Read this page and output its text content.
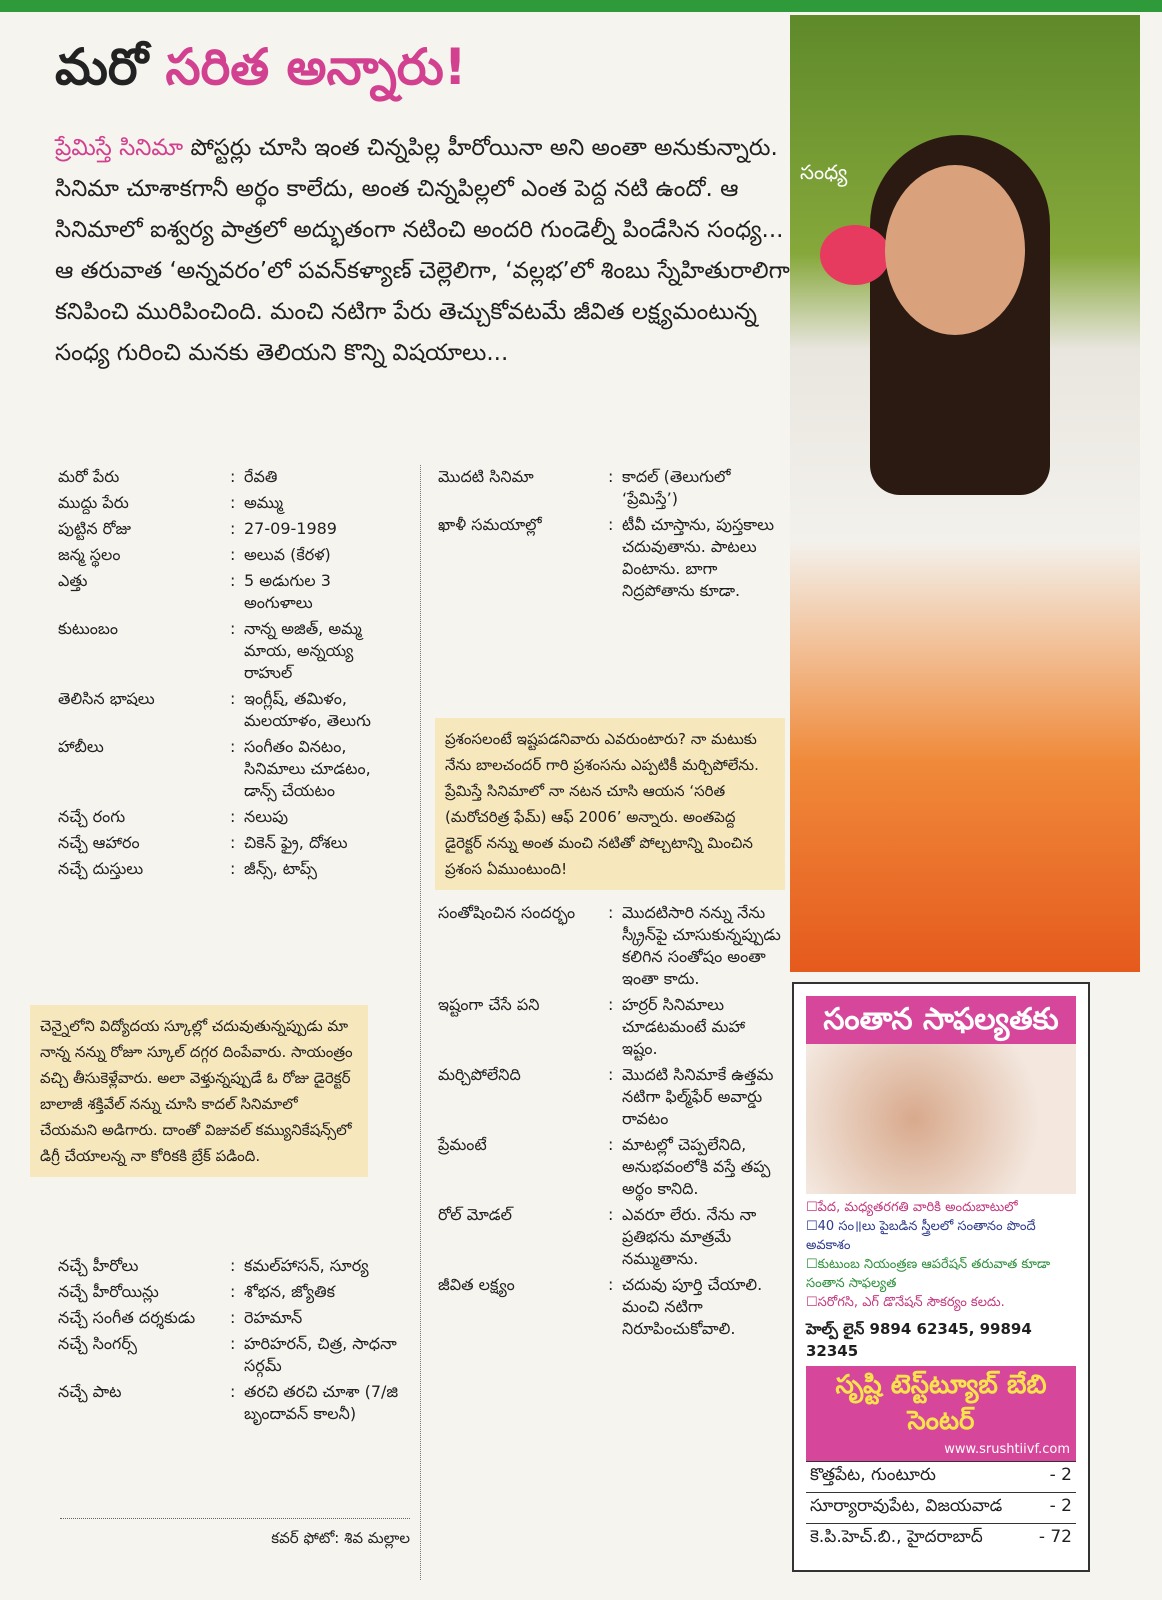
మరో సరిత అన్నారు!

ప్రేమిస్తే సినిమా పోస్టర్లు చూసి ఇంత చిన్నపిల్ల హీరోయినా అని అంతా అనుకున్నారు. సినిమా చూశాకగానీ అర్థం కాలేదు, అంత చిన్నపిల్లలో ఎంత పెద్ద నటి ఉందో. ఆ సినిమాలో ఐశ్వర్య పాత్రలో అద్భుతంగా నటించి అందరి గుండెల్నీ పిండేసిన సంధ్య... ఆ తరువాత ‘అన్నవరం’లో పవన్‌కళ్యాణ్ చెల్లెలిగా, ‘వల్లభ’లో శింబు స్నేహితురాలిగా కనిపించి మురిపించింది. మంచి నటిగా పేరు తెచ్చుకోవటమే జీవిత లక్ష్యమంటున్న సంధ్య గురించి మనకు తెలియని కొన్ని విషయాలు...

సంధ్య
మరో పేరు	: రేవతి
ముద్దు పేరు	: అమ్ము
పుట్టిన రోజు	: 27-09-1989
జన్మ స్థలం	: అలువ (కేరళ)
ఎత్తు	: 5 అడుగుల 3 అంగుళాలు
కుటుంబం	: నాన్న అజిత్, అమ్మ మాయ, అన్నయ్య రాహుల్
తెలిసిన భాషలు	: ఇంగ్లీష్, తమిళం, మలయాళం, తెలుగు
హాబీలు	: సంగీతం వినటం, సినిమాలు చూడటం, డాన్స్ చేయటం
నచ్చే రంగు	: నలుపు
నచ్చే ఆహారం	: చికెన్ ఫ్రై, దోశలు
నచ్చే దుస్తులు	: జీన్స్, టాప్స్
చెన్నైలోని విద్యోదయ స్కూల్లో చదువుతున్నప్పుడు మా నాన్న నన్ను రోజూ స్కూల్ దగ్గర దింపేవారు. సాయంత్రం వచ్చి తీసుకెళ్లేవారు. అలా వెళ్తున్నప్పుడే ఓ రోజు డైరెక్టర్ బాలాజీ శక్తివేల్ నన్ను చూసి కాదల్ సినిమాలో చేయమని అడిగారు. దాంతో విజువల్ కమ్యునికేషన్స్‌లో డిగ్రీ చేయాలన్న నా కోరికకి బ్రేక్ పడింది.
నచ్చే హీరోలు	: కమల్‌హాసన్, సూర్య
నచ్చే హీరోయిన్లు	: శోభన, జ్యోతిక
నచ్చే సంగీత దర్శకుడు	: రెహమాన్
నచ్చే సింగర్స్	: హరిహరన్, చిత్ర, సాధనా సర్గమ్
నచ్చే పాట	: తరచి తరచి చూశా (7/జి బృందావన్ కాలనీ)
కవర్ ఫోటో: శివ మల్లాల
మొదటి సినిమా	: కాదల్ (తెలుగులో ‘ప్రేమిస్తే’)
ఖాళీ సమయాల్లో	: టీవీ చూస్తాను, పుస్తకాలు చదువుతాను. పాటలు వింటాను. బాగా నిద్రపోతాను కూడా.
ప్రశంసలంటే ఇష్టపడనివారు ఎవరుంటారు? నా మటుకు నేను బాలచందర్ గారి ప్రశంసను ఎప్పటికీ మర్చిపోలేను. ప్రేమిస్తే సినిమాలో నా నటన చూసి ఆయన ‘సరిత (మరోచరిత్ర ఫేమ్) ఆఫ్ 2006’ అన్నారు. అంతపెద్ద డైరెక్టర్ నన్ను అంత మంచి నటితో పోల్చటాన్ని మించిన ప్రశంస ఏముంటుంది!
సంతోషించిన సందర్భం	: మొదటిసారి నన్ను నేను స్క్రీన్‌పై చూసుకున్నప్పుడు కలిగిన సంతోషం అంతా ఇంతా కాదు.
ఇష్టంగా చేసే పని	: హర్రర్ సినిమాలు చూడటమంటే మహా ఇష్టం.
మర్చిపోలేనిది	: మొదటి సినిమాకే ఉత్తమ నటిగా ఫిల్మ్‌ఫేర్ అవార్డు రావటం
ప్రేమంటే	: మాటల్లో చెప్పలేనిది, అనుభవంలోకి వస్తే తప్ప అర్థం కానిది.
రోల్ మోడల్	: ఎవరూ లేరు. నేను నా ప్రతిభను మాత్రమే నమ్ముతాను.
జీవిత లక్ష్యం	: చదువు పూర్తి చేయాలి. మంచి నటిగా నిరూపించుకోవాలి.
సంతాన సాఫల్యతకు
☐ పేద, మధ్యతరగతి వారికి అందుబాటులో
☐ 40 సం॥లు పైబడిన స్త్రీలలో సంతానం పొందే అవకాశం
☐ కుటుంబ నియంత్రణ ఆపరేషన్ తరువాత కూడా సంతాన సాఫల్యత
☐ సరోగసి, ఎగ్ డొనేషన్ సౌకర్యం కలదు.
హెల్ప్ లైన్ 9894 62345, 99894 32345
సృష్టి టెస్ట్‌ట్యూబ్ బేబి సెంటర్
www.srushtiivf.com
కొత్తపేట, గుంటూరు	- 2
సూర్యారావుపేట, విజయవాడ	- 2
కె.పి.హెచ్.బి., హైదరాబాద్	- 72
